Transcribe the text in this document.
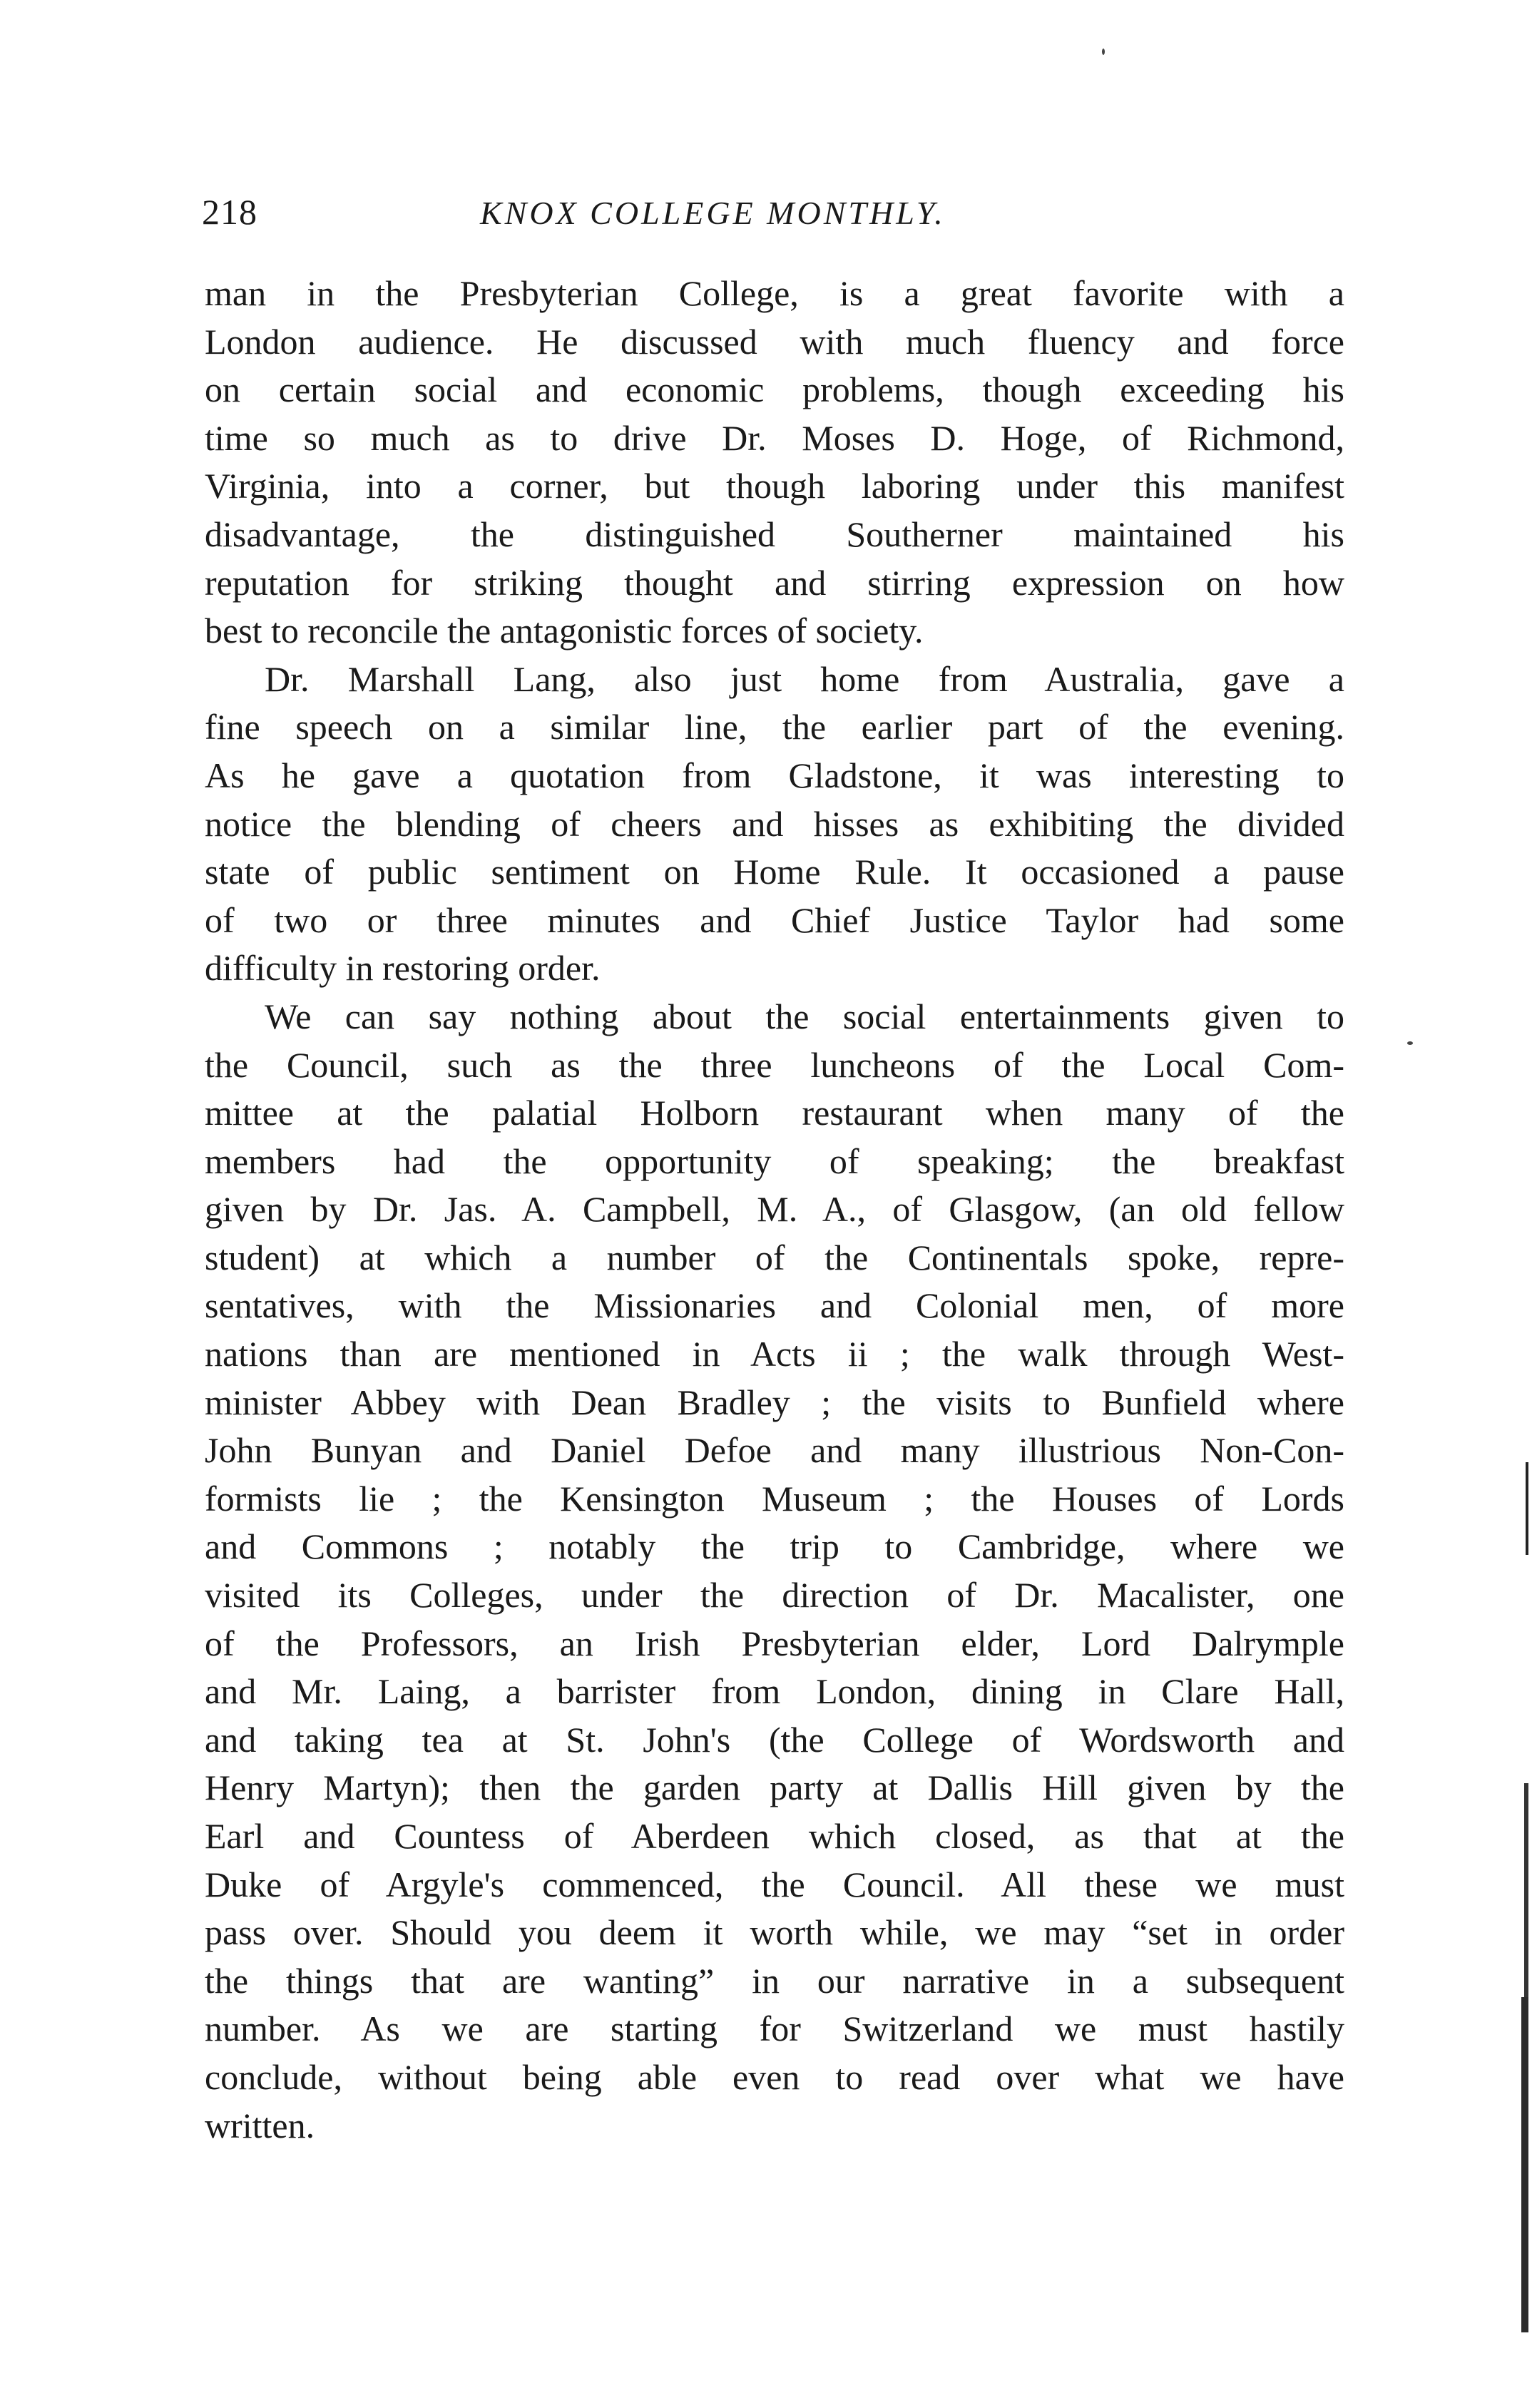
218	KNOX COLLEGE MONTHLY.
man in the Presbyterian College, is a great favorite with a
London audience. He discussed with much fluency and force
on certain social and economic problems, though exceeding his
time so much as to drive Dr. Moses D. Hoge, of Richmond,
Virginia, into a corner, but though laboring under this manifest
disadvantage, the distinguished Southerner maintained his
reputation for striking thought and stirring expression on how
best to reconcile the antagonistic forces of society.
Dr. Marshall Lang, also just home from Australia, gave a
fine speech on a similar line, the earlier part of the evening.
As he gave a quotation from Gladstone, it was interesting to
notice the blending of cheers and hisses as exhibiting the divided
state of public sentiment on Home Rule. It occasioned a pause
of two or three minutes and Chief Justice Taylor had some
difficulty in restoring order.
We can say nothing about the social entertainments given to
the Council, such as the three luncheons of the Local Com-
mittee at the palatial Holborn restaurant when many of the
members had the opportunity of speaking; the breakfast
given by Dr. Jas. A. Campbell, M. A., of Glasgow, (an old fellow
student) at which a number of the Continentals spoke, repre-
sentatives, with the Missionaries and Colonial men, of more
nations than are mentioned in Acts ii ; the walk through West-
minister Abbey with Dean Bradley ; the visits to Bunfield where
John Bunyan and Daniel Defoe and many illustrious Non-Con-
formists lie ; the Kensington Museum ; the Houses of Lords
and Commons ; notably the trip to Cambridge, where we
visited its Colleges, under the direction of Dr. Macalister, one
of the Professors, an Irish Presbyterian elder, Lord Dalrymple
and Mr. Laing, a barrister from London, dining in Clare Hall,
and taking tea at St. John's (the College of Wordsworth and
Henry Martyn); then the garden party at Dallis Hill given by the
Earl and Countess of Aberdeen which closed, as that at the
Duke of Argyle's commenced, the Council. All these we must
pass over. Should you deem it worth while, we may “set in order
the things that are wanting” in our narrative in a subsequent
number. As we are starting for Switzerland we must hastily
conclude, without being able even to read over what we have
written.
